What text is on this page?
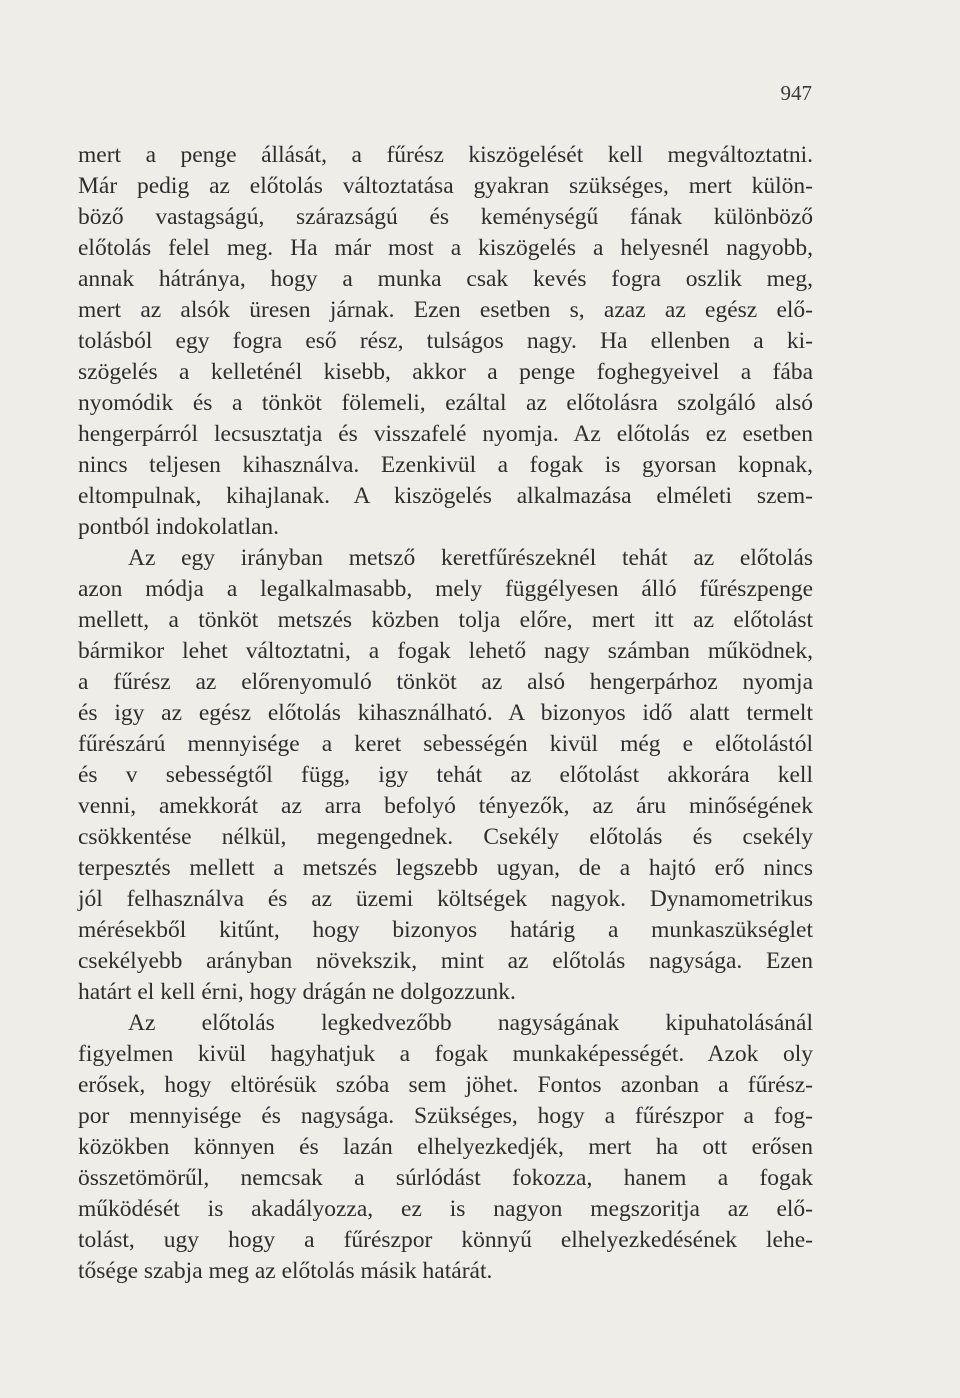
947
mert a penge állását, a fűrész kiszögelését kell megváltoztatni.
Már pedig az előtolás változtatása gyakran szükséges, mert külön-
böző vastagságú, szárazságú és keménységű fának különböző
előtolás felel meg. Ha már most a kiszögelés a helyesnél nagyobb,
annak hátránya, hogy a munka csak kevés fogra oszlik meg,
mert az alsók üresen járnak. Ezen esetben s, azaz az egész elő-
tolásból egy fogra eső rész, tulságos nagy. Ha ellenben a ki-
szögelés a kelleténél kisebb, akkor a penge foghegyeivel a fába
nyomódik és a tönköt fölemeli, ezáltal az előtolásra szolgáló alsó
hengerpárról lecsusztatja és visszafelé nyomja. Az előtolás ez esetben
nincs teljesen kihasználva. Ezenkivül a fogak is gyorsan kopnak,
eltompulnak, kihajlanak. A kiszögelés alkalmazása elméleti szem-
pontból indokolatlan.
Az egy irányban metsző keretfűrészeknél tehát az előtolás
azon módja a legalkalmasabb, mely függélyesen álló fűrészpenge
mellett, a tönköt metszés közben tolja előre, mert itt az előtolást
bármikor lehet változtatni, a fogak lehető nagy számban működnek,
a fűrész az előrenyomuló tönköt az alsó hengerpárhoz nyomja
és igy az egész előtolás kihasználható. A bizonyos idő alatt termelt
fűrészárú mennyisége a keret sebességén kivül még e előtolástól
és v sebességtől függ, igy tehát az előtolást akkorára kell
venni, amekkorát az arra befolyó tényezők, az áru minőségének
csökkentése nélkül, megengednek. Csekély előtolás és csekély
terpesztés mellett a metszés legszebb ugyan, de a hajtó erő nincs
jól felhasználva és az üzemi költségek nagyok. Dynamometrikus
mérésekből kitűnt, hogy bizonyos határig a munkaszükséglet
csekélyebb arányban növekszik, mint az előtolás nagysága. Ezen
határt el kell érni, hogy drágán ne dolgozzunk.
Az előtolás legkedvezőbb nagyságának kipuhatolásánál
figyelmen kivül hagyhatjuk a fogak munkaképességét. Azok oly
erősek, hogy eltörésük szóba sem jöhet. Fontos azonban a fűrész-
por mennyisége és nagysága. Szükséges, hogy a fűrészpor a fog-
közökben könnyen és lazán elhelyezkedjék, mert ha ott erősen
összetömörűl, nemcsak a súrlódást fokozza, hanem a fogak
működését is akadályozza, ez is nagyon megszoritja az elő-
tolást, ugy hogy a fűrészpor könnyű elhelyezkedésének lehe-
tősége szabja meg az előtolás másik határát.
